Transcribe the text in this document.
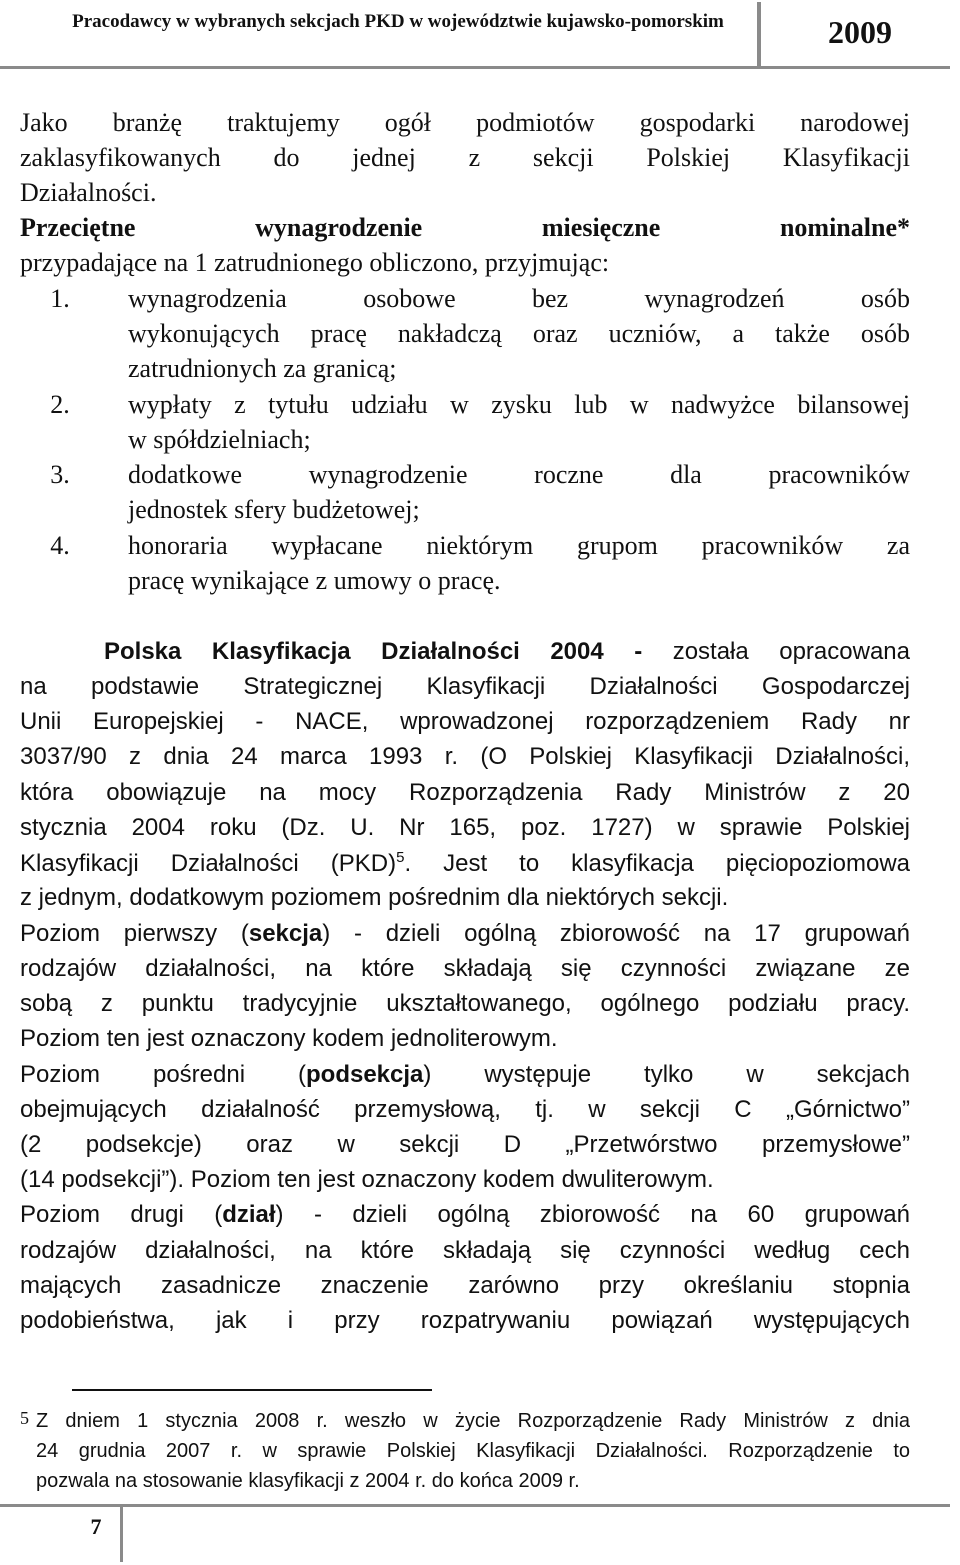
Pracodawcy w wybranych sekcjach PKD w województwie kujawsko-pomorskim	2009
Jako branżę traktujemy ogół podmiotów gospodarki narodowej
zaklasyfikowanych do jednej z sekcji Polskiej Klasyfikacji
Działalności.
Przeciętne wynagrodzenie miesięczne nominalne*
przypadające na 1 zatrudnionego obliczono, przyjmując:
1.	wynagrodzenia osobowe bez wynagrodzeń osób
wykonujących pracę nakładczą oraz uczniów, a także osób
zatrudnionych za granicą;
2.	wypłaty z tytułu udziału w zysku lub w nadwyżce bilansowej
w spółdzielniach;
3.	dodatkowe wynagrodzenie roczne dla pracowników
jednostek sfery budżetowej;
4.	honoraria wypłacane niektórym grupom pracowników za
pracę wynikające z umowy o pracę.
Polska Klasyfikacja Działalności 2004 - została opracowana
na podstawie Strategicznej Klasyfikacji Działalności Gospodarczej
Unii Europejskiej - NACE, wprowadzonej rozporządzeniem Rady nr
3037/90 z dnia 24 marca 1993 r. (O Polskiej Klasyfikacji Działalności,
która obowiązuje na mocy Rozporządzenia Rady Ministrów z 20
stycznia 2004 roku (Dz. U. Nr 165, poz. 1727) w sprawie Polskiej
Klasyfikacji Działalności (PKD)$^5$. Jest to klasyfikacja pięciopoziomowa
z jednym, dodatkowym poziomem pośrednim dla niektórych sekcji.
Poziom pierwszy (sekcja) - dzieli ogólną zbiorowość na 17 grupowań
rodzajów działalności, na które składają się czynności związane ze
sobą z punktu tradycyjnie ukształtowanego, ogólnego podziału pracy.
Poziom ten jest oznaczony kodem jednoliterowym.
Poziom pośredni (podsekcja) występuje tylko w sekcjach
obejmujących działalność przemysłową, tj. w sekcji C „Górnictwo”
(2 podsekcje) oraz w sekcji D „Przetwórstwo przemysłowe”
(14 podsekcji”). Poziom ten jest oznaczony kodem dwuliterowym.
Poziom drugi (dział) - dzieli ogólną zbiorowość na 60 grupowań
rodzajów działalności, na które składają się czynności według cech
mających zasadnicze znaczenie zarówno przy określaniu stopnia
podobieństwa, jak i przy rozpatrywaniu powiązań występujących
5 Z dniem 1 stycznia 2008 r. weszło w życie Rozporządzenie Rady Ministrów z dnia
24 grudnia 2007 r. w sprawie Polskiej Klasyfikacji Działalności. Rozporządzenie to
pozwala na stosowanie klasyfikacji z 2004 r. do końca 2009 r.
7
